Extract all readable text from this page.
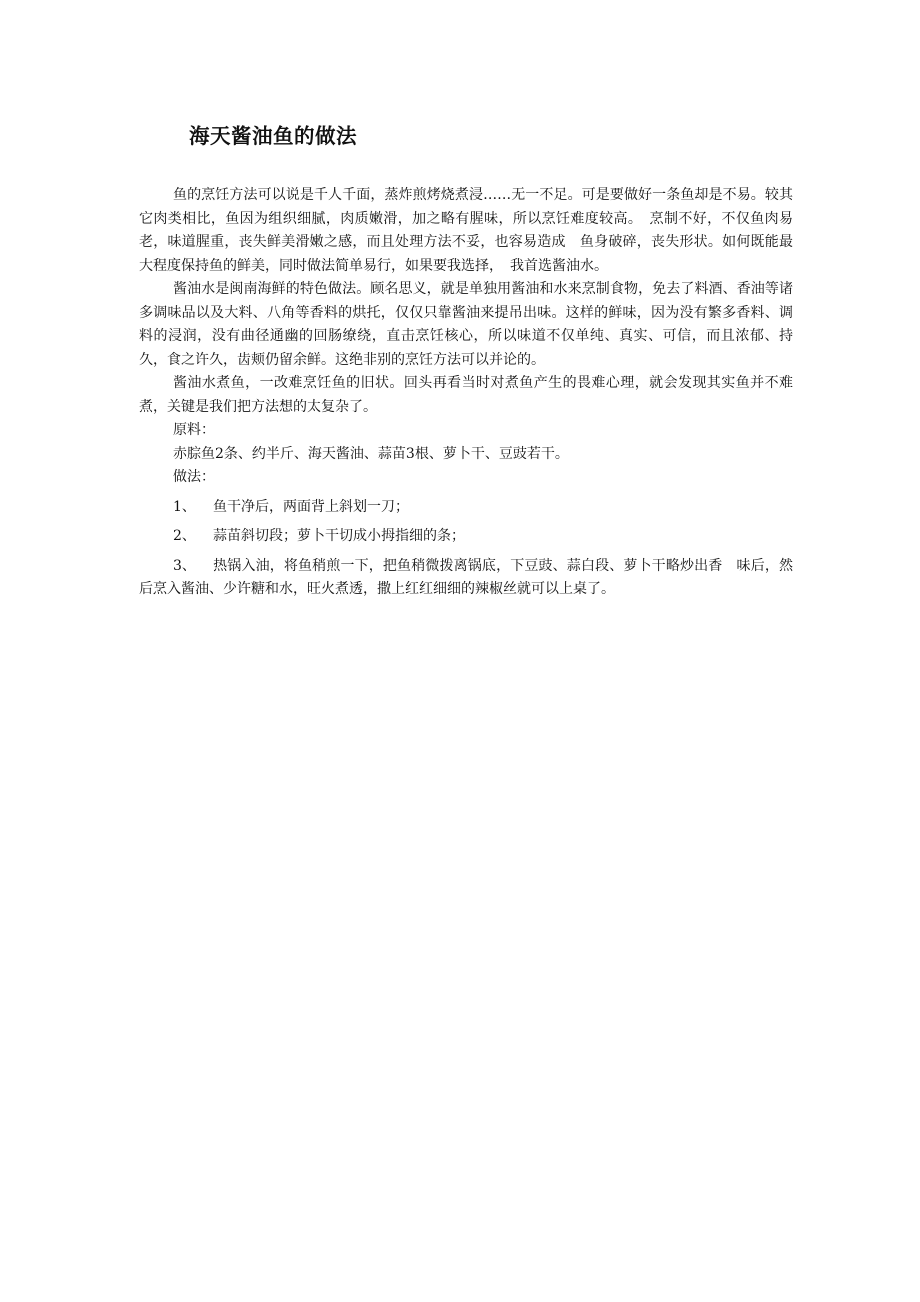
海天酱油鱼的做法

鱼的烹饪方法可以说是千人千面，蒸炸煎烤烧煮浸……无一不足。可是要做好一条鱼却是不易。较其它肉类相比，鱼因为组织细腻，肉质嫩滑，加之略有腥味，所以烹饪难度较高。　烹制不好，不仅鱼肉易老，味道腥重，丧失鲜美滑嫩之感，而且处理方法不妥，也容易造成　鱼身破碎，丧失形状。如何既能最大程度保持鱼的鲜美，同时做法简单易行，如果要我选择，　我首选酱油水。

酱油水是闽南海鲜的特色做法。顾名思义，就是单独用酱油和水来烹制食物，免去了料酒、香油等诸多调味品以及大料、八角等香料的烘托，仅仅只靠酱油来提吊出味。这样的鲜味，因为没有繁多香料、调料的浸润，没有曲径通幽的回肠缭绕，直击烹饪核心，所以味道不仅单纯、真实、可信，而且浓郁、持久，食之许久，齿颊仍留余鲜。这绝非别的烹饪方法可以并论的。

酱油水煮鱼，一改难烹饪鱼的旧状。回头再看当时对煮鱼产生的畏难心理，就会发现其实鱼并不难煮，关键是我们把方法想的太复杂了。

原料：

赤腙鱼2条、约半斤、海天酱油、蒜苗3根、萝卜干、豆豉若干。

做法：

1、 鱼干净后，两面背上斜划一刀；

2、 蒜苗斜切段；萝卜干切成小拇指细的条；

3、 热锅入油，将鱼稍煎一下，把鱼稍微拨离锅底，下豆豉、蒜白段、萝卜干略炒出香　味后，然后烹入酱油、少许糖和水，旺火煮透，撒上红红细细的辣椒丝就可以上桌了。
